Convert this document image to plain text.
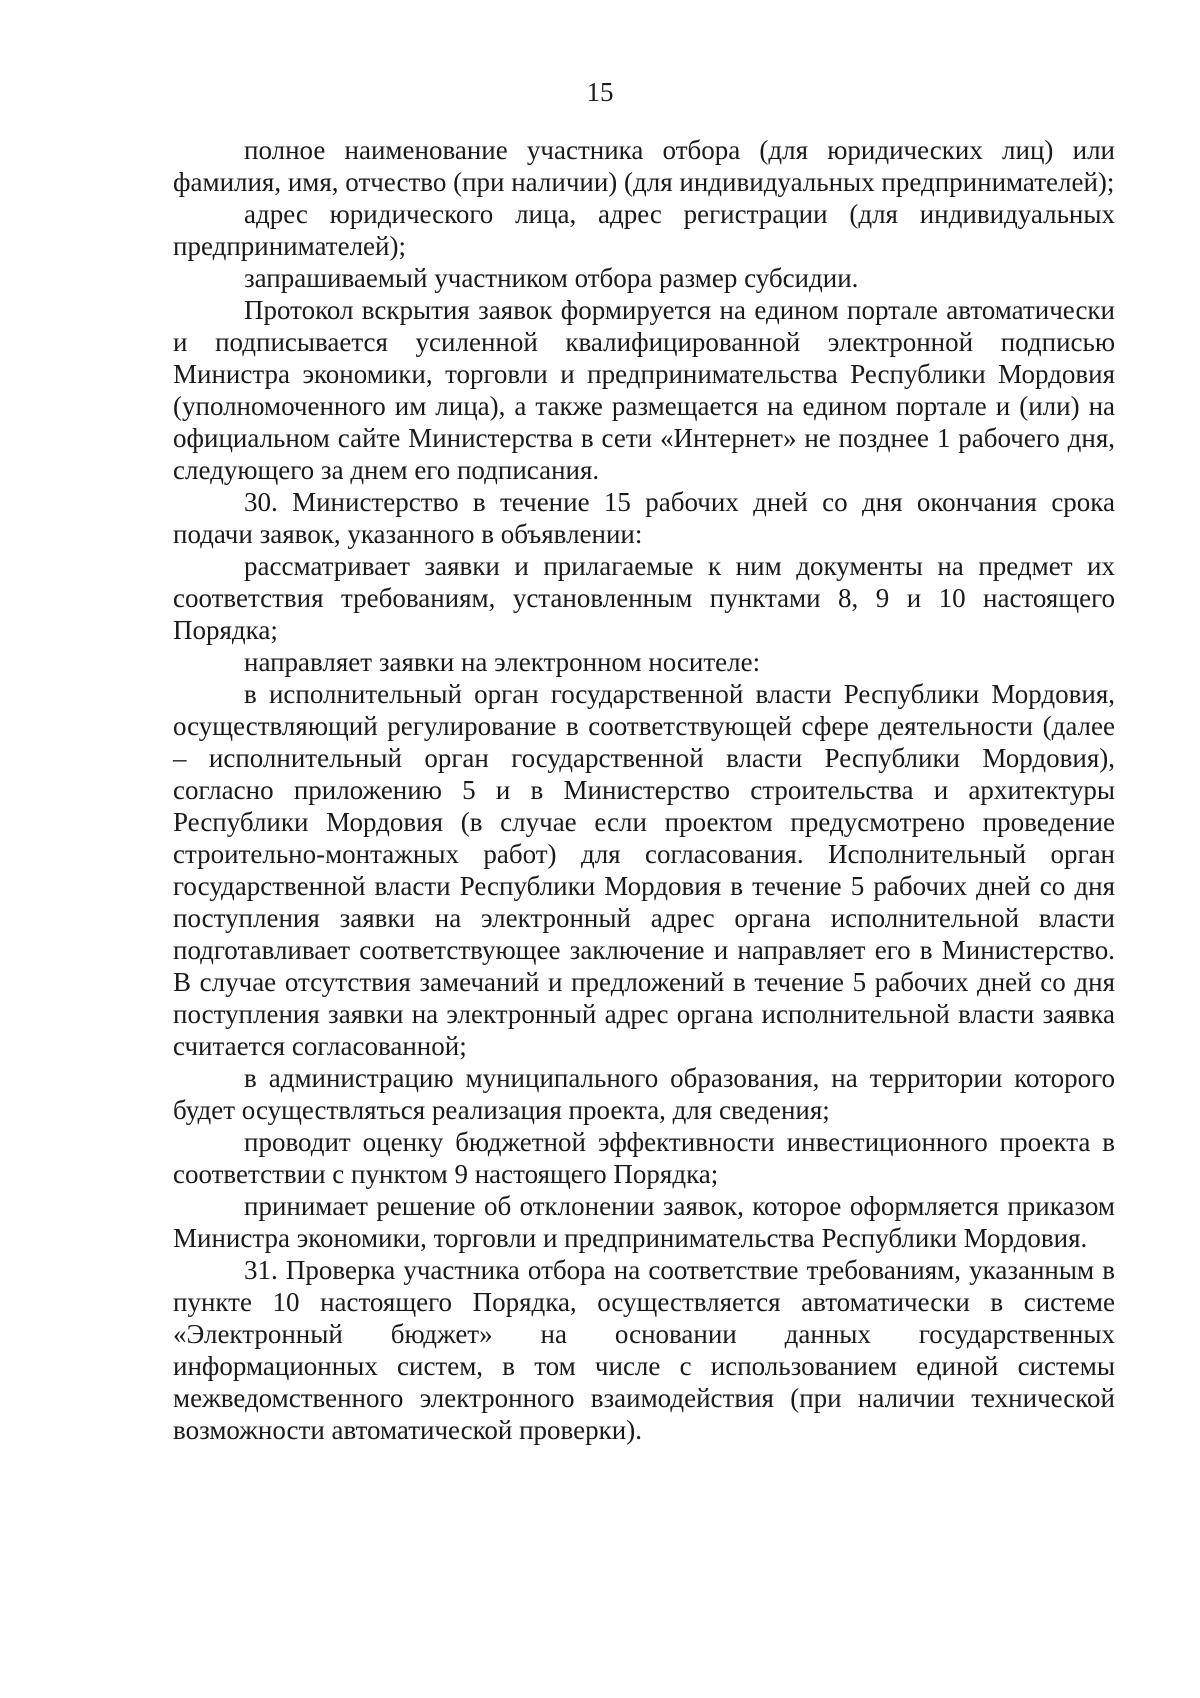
15

полное наименование участника отбора (для юридических лиц) или фамилия, имя, отчество (при наличии) (для индивидуальных предпринимателей);

адрес юридического лица, адрес регистрации (для индивидуальных предпринимателей);

запрашиваемый участником отбора размер субсидии.

Протокол вскрытия заявок формируется на едином портале автоматически и подписывается усиленной квалифицированной электронной подписью Министра экономики, торговли и предпринимательства Республики Мордовия (уполномоченного им лица), а также размещается на едином портале и (или) на официальном сайте Министерства в сети «Интернет» не позднее 1 рабочего дня, следующего за днем его подписания.

30. Министерство в течение 15 рабочих дней со дня окончания срока подачи заявок, указанного в объявлении:

рассматривает заявки и прилагаемые к ним документы на предмет их соответствия требованиям, установленным пунктами 8, 9 и 10 настоящего Порядка;

направляет заявки на электронном носителе:

в исполнительный орган государственной власти Республики Мордовия, осуществляющий регулирование в соответствующей сфере деятельности (далее – исполнительный орган государственной власти Республики Мордовия), согласно приложению 5 и в Министерство строительства и архитектуры Республики Мордовия (в случае если проектом предусмотрено проведение строительно-монтажных работ) для согласования. Исполнительный орган государственной власти Республики Мордовия в течение 5 рабочих дней со дня поступления заявки на электронный адрес органа исполнительной власти подготавливает соответствующее заключение и направляет его в Министерство. В случае отсутствия замечаний и предложений в течение 5 рабочих дней со дня поступления заявки на электронный адрес органа исполнительной власти заявка считается согласованной;

в администрацию муниципального образования, на территории которого будет осуществляться реализация проекта, для сведения;

проводит оценку бюджетной эффективности инвестиционного проекта в соответствии с пунктом 9 настоящего Порядка;

принимает решение об отклонении заявок, которое оформляется приказом Министра экономики, торговли и предпринимательства Республики Мордовия.

31. Проверка участника отбора на соответствие требованиям, указанным в пункте 10 настоящего Порядка, осуществляется автоматически в системе «Электронный бюджет» на основании данных государственных информационных систем, в том числе с использованием единой системы межведомственного электронного взаимодействия (при наличии технической возможности автоматической проверки).
